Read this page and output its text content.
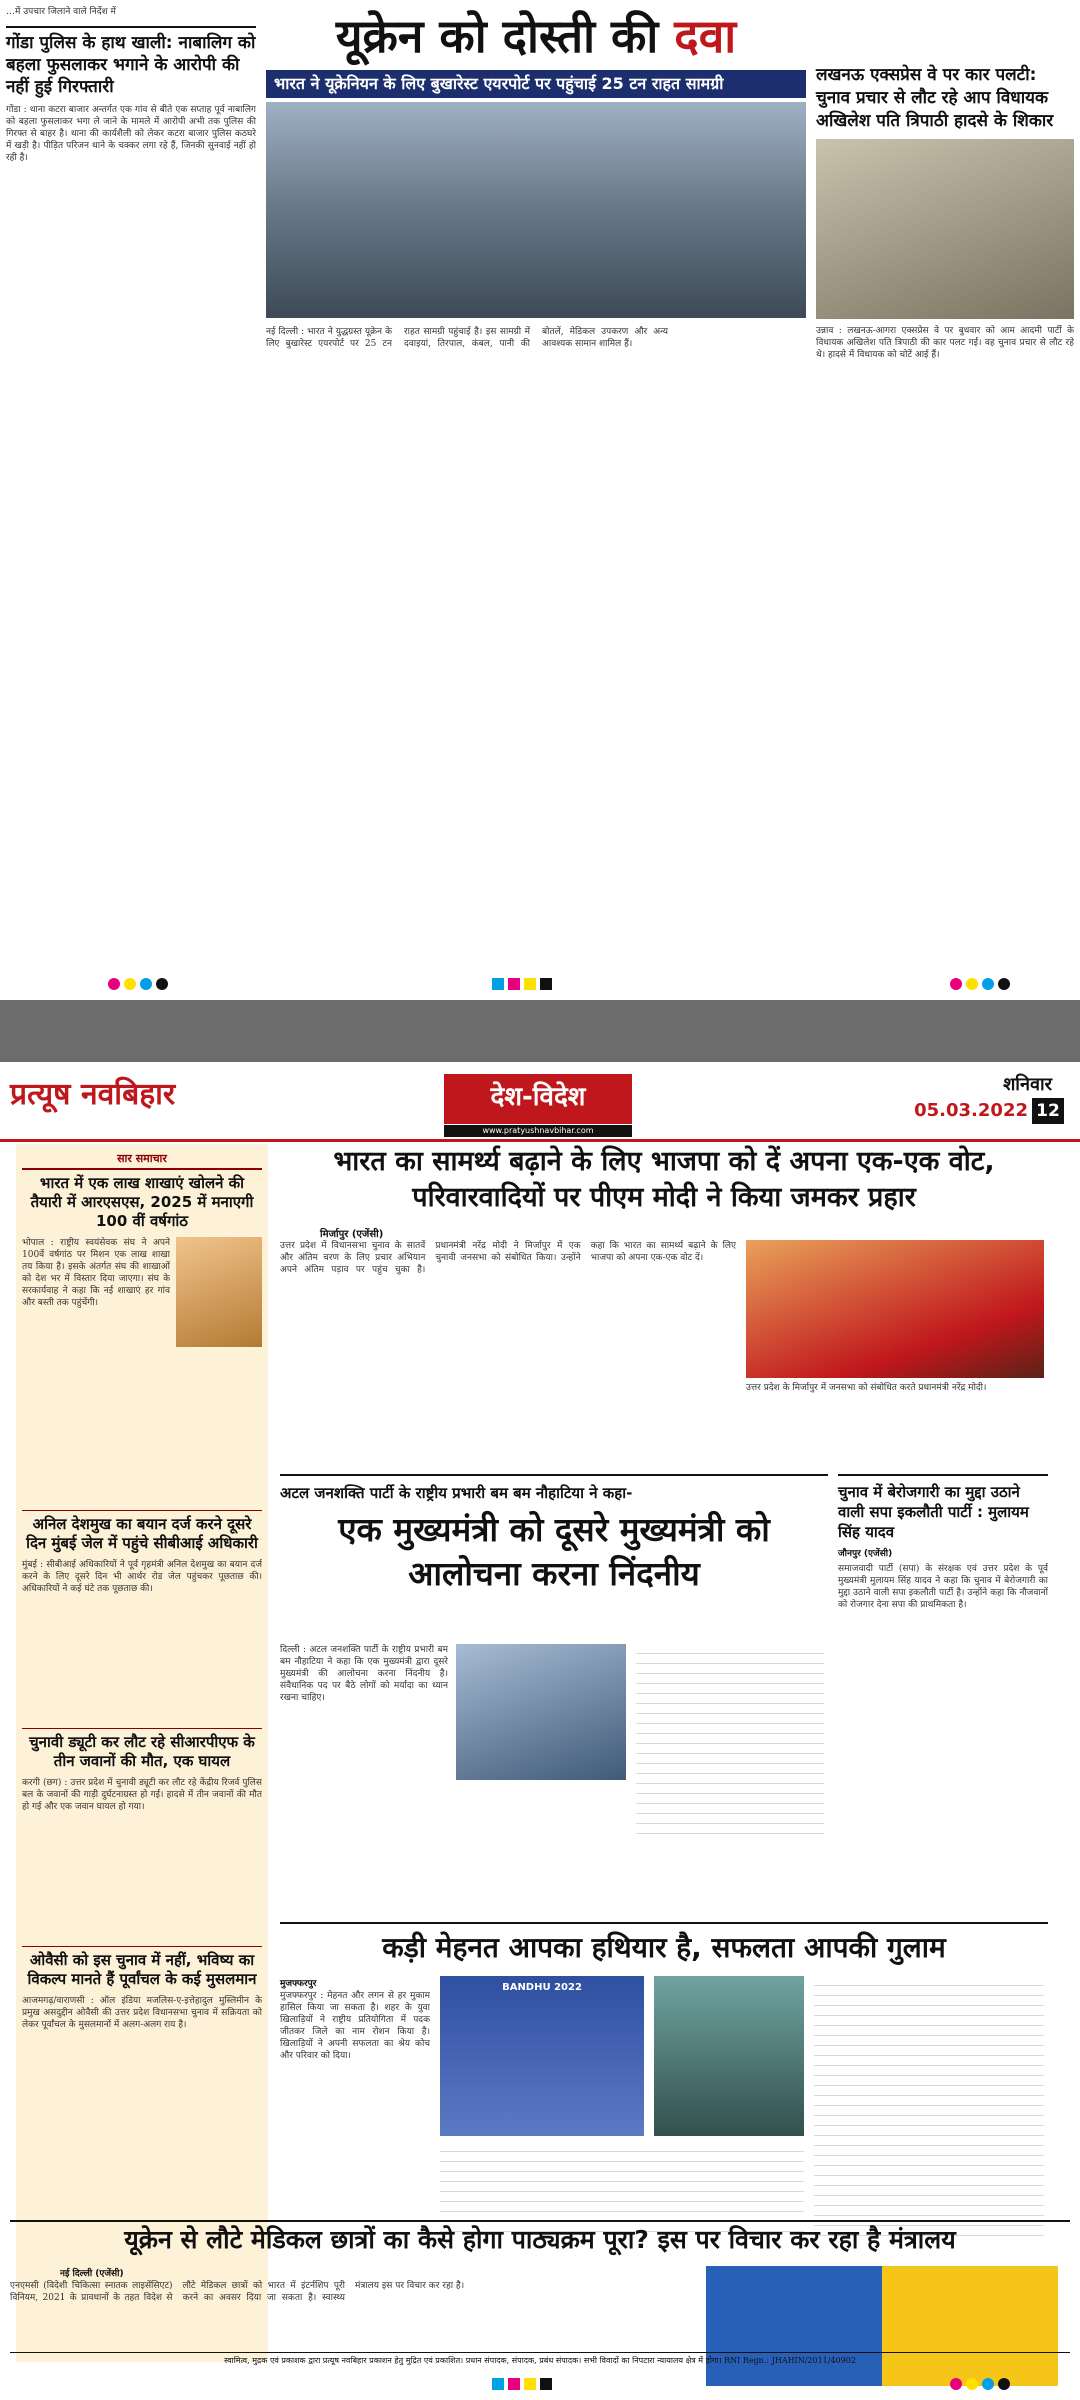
…में उपचार जिलाने वाले निर्देश में
गोंडा पुलिस के हाथ खाली: नाबालिग को बहला फुसलाकर भगाने के आरोपी की नहीं हुई गिरफ्तारी
गोंडा : थाना कटरा बाजार अन्तर्गत एक गांव से बीते एक सप्ताह पूर्व नाबालिग को बहला फुसलाकर भगा ले जाने के मामले में आरोपी अभी तक पुलिस की गिरफ्त से बाहर है। थाना की कार्यशैली को लेकर कटरा बाजार पुलिस कठघरे में खड़ी है। पीड़ित परिजन थाने के चक्कर लगा रहे हैं, जिनकी सुनवाई नहीं हो रही है।
यूक्रेन को दोस्ती की दवा
भारत ने यूक्रेनियन के लिए बुखारेस्ट एयरपोर्ट पर पहुंचाई 25 टन राहत सामग्री
नई दिल्ली : भारत ने युद्धग्रस्त यूक्रेन के लिए बुखारेस्ट एयरपोर्ट पर 25 टन राहत सामग्री पहुंचाई है। इस सामग्री में दवाइयां, तिरपाल, कंबल, पानी की बोतलें, मेडिकल उपकरण और अन्य आवश्यक सामान शामिल हैं।
लखनऊ एक्सप्रेस वे पर कार पलटी: चुनाव प्रचार से लौट रहे आप विधायक अखिलेश पति त्रिपाठी हादसे के शिकार
उन्नाव : लखनऊ-आगरा एक्सप्रेस वे पर बुधवार को आम आदमी पार्टी के विधायक अखिलेश पति त्रिपाठी की कार पलट गई। वह चुनाव प्रचार से लौट रहे थे। हादसे में विधायक को चोटें आई हैं।
प्रत्यूष नवबिहार	देश-विदेश
www.pratyushnavbihar.com
शनिवार
05.03.2022 12
सार समाचार
भारत में एक लाख शाखाएं खोलने की तैयारी में आरएसएस, 2025 में मनाएगी 100 वीं वर्षगांठ
भोपाल : राष्ट्रीय स्वयंसेवक संघ ने अपने 100वें वर्षगांठ पर मिशन एक लाख शाखा तय किया है। इसके अंतर्गत संघ की शाखाओं को देश भर में विस्तार दिया जाएगा। संघ के सरकार्यवाह ने कहा कि नई शाखाएं हर गांव और बस्ती तक पहुंचेंगी।
अनिल देशमुख का बयान दर्ज करने दूसरे दिन मुंबई जेल में पहुंचे सीबीआई अधिकारी
मुंबई : सीबीआई अधिकारियों ने पूर्व गृहमंत्री अनिल देशमुख का बयान दर्ज करने के लिए दूसरे दिन भी आर्थर रोड जेल पहुंचकर पूछताछ की। अधिकारियों ने कई घंटे तक पूछताछ की।
चुनावी ड्यूटी कर लौट रहे सीआरपीएफ के तीन जवानों की मौत, एक घायल
करगी (छग) : उत्तर प्रदेश में चुनावी ड्यूटी कर लौट रहे केंद्रीय रिजर्व पुलिस बल के जवानों की गाड़ी दुर्घटनाग्रस्त हो गई। हादसे में तीन जवानों की मौत हो गई और एक जवान घायल हो गया।
ओवैसी को इस चुनाव में नहीं, भविष्य का विकल्प मानते हैं पूर्वांचल के कई मुसलमान
आजमगढ़/वाराणसी : ऑल इंडिया मजलिस-ए-इत्तेहादुल मुस्लिमीन के प्रमुख असदुद्दीन ओवैसी की उत्तर प्रदेश विधानसभा चुनाव में सक्रियता को लेकर पूर्वांचल के मुसलमानों में अलग-अलग राय है।
भारत का सामर्थ्य बढ़ाने के लिए भाजपा को दें अपना एक-एक वोट, परिवारवादियों पर पीएम मोदी ने किया जमकर प्रहार
मिर्जापुर (एजेंसी)
उत्तर प्रदेश में विधानसभा चुनाव के सातवें और अंतिम चरण के लिए प्रचार अभियान अपने अंतिम पड़ाव पर पहुंच चुका है। प्रधानमंत्री नरेंद्र मोदी ने मिर्जापुर में एक चुनावी जनसभा को संबोधित किया। उन्होंने कहा कि भारत का सामर्थ्य बढ़ाने के लिए भाजपा को अपना एक-एक वोट दें।
उत्तर प्रदेश के मिर्जापुर में जनसभा को संबोधित करते प्रधानमंत्री नरेंद्र मोदी।
अटल जनशक्ति पार्टी के राष्ट्रीय प्रभारी बम बम नौहाटिया ने कहा-
एक मुख्यमंत्री को दूसरे मुख्यमंत्री को आलोचना करना निंदनीय
दिल्ली : अटल जनशक्ति पार्टी के राष्ट्रीय प्रभारी बम बम नौहाटिया ने कहा कि एक मुख्यमंत्री द्वारा दूसरे मुख्यमंत्री की आलोचना करना निंदनीय है। संवैधानिक पद पर बैठे लोगों को मर्यादा का ध्यान रखना चाहिए।
चुनाव में बेरोजगारी का मुद्दा उठाने वाली सपा इकलौती पार्टी : मुलायम सिंह यादव
जौनपुर (एजेंसी)
समाजवादी पार्टी (सपा) के संरक्षक एवं उत्तर प्रदेश के पूर्व मुख्यमंत्री मुलायम सिंह यादव ने कहा कि चुनाव में बेरोजगारी का मुद्दा उठाने वाली सपा इकलौती पार्टी है। उन्होंने कहा कि नौजवानों को रोजगार देना सपा की प्राथमिकता है।
कड़ी मेहनत आपका हथियार है, सफलता आपकी गुलाम
मुजफ्फरपुर
मुजफ्फरपुर : मेहनत और लगन से हर मुकाम हासिल किया जा सकता है। शहर के युवा खिलाड़ियों ने राष्ट्रीय प्रतियोगिता में पदक जीतकर जिले का नाम रोशन किया है। खिलाड़ियों ने अपनी सफलता का श्रेय कोच और परिवार को दिया।
BANDHU 2022
यूक्रेन से लौटे मेडिकल छात्रों का कैसे होगा पाठ्यक्रम पूरा? इस पर विचार कर रहा है मंत्रालय
नई दिल्ली (एजेंसी)
एनएमसी (विदेशी चिकित्सा स्नातक लाइसेंसिएट) विनियम, 2021 के प्रावधानों के तहत विदेश से लौटे मेडिकल छात्रों को भारत में इंटर्नशिप पूरी करने का अवसर दिया जा सकता है। स्वास्थ्य मंत्रालय इस पर विचार कर रहा है।
स्वामित्व, मुद्रक एवं प्रकाशक द्वारा प्रत्यूष नवबिहार प्रकाशन हेतु मुद्रित एवं प्रकाशित। प्रधान संपादक, संपादक, प्रबंध संपादक। सभी विवादों का निपटारा न्यायालय क्षेत्र में होगा। RNI Regn.: JHAHIN/2011/40902
